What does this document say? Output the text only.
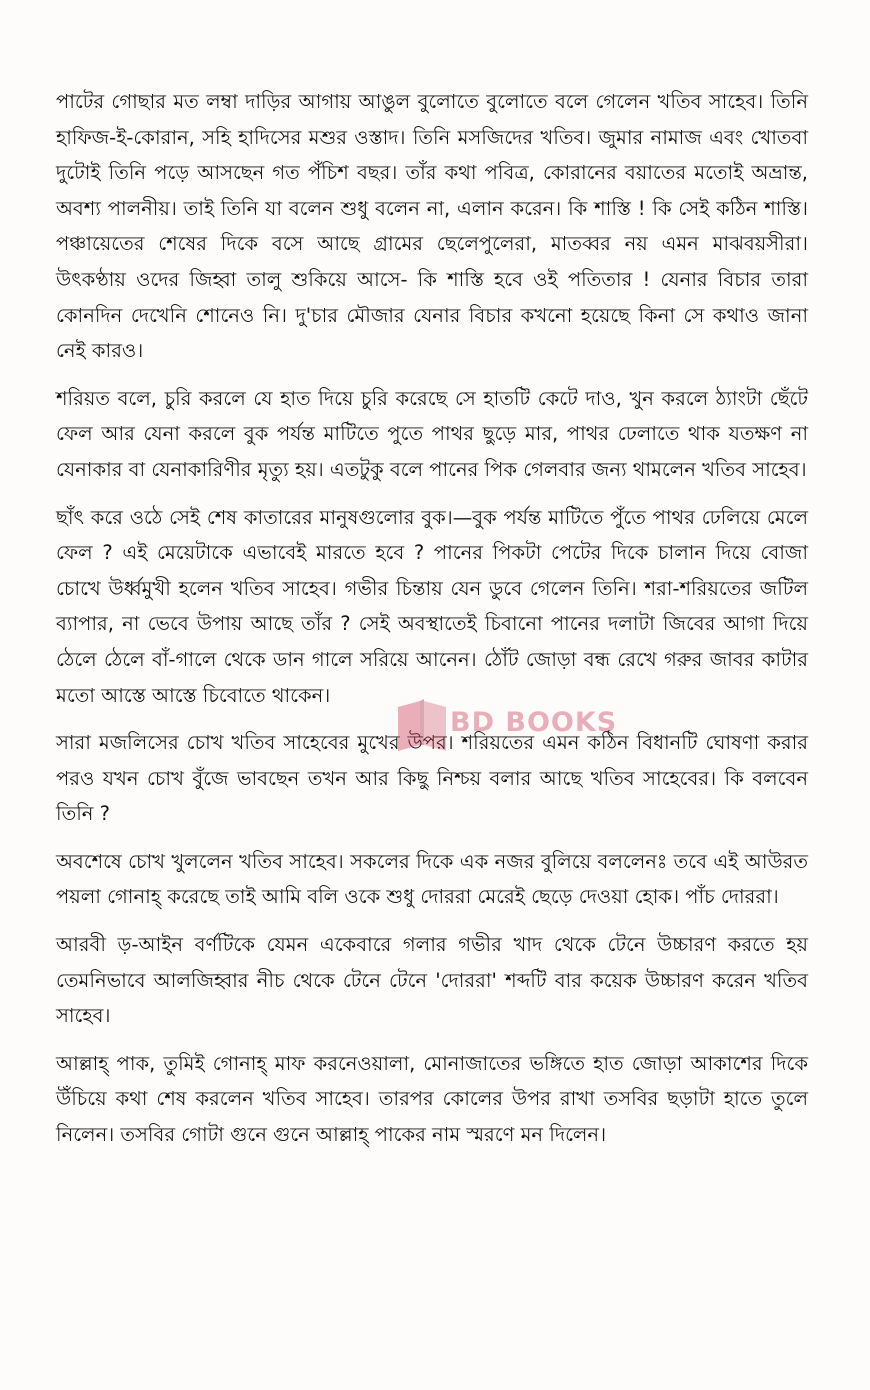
পাটের গোছার মত লম্বা দাড়ির আগায় আঙুল বুলোতে বুলোতে বলে গেলেন খতিব সাহেব। তিনি হাফিজ-ই-কোরান, সহি হাদিসের মশুর ওস্তাদ। তিনি মসজিদের খতিব। জুমার নামাজ এবং খোতবা দুটোই তিনি পড়ে আসছেন গত পঁচিশ বছর। তাঁর কথা পবিত্র, কোরানের বয়াতের মতোই অভ্রান্ত, অবশ্য পালনীয়। তাই তিনি যা বলেন শুধু বলেন না, এলান করেন। কি শাস্তি ! কি সেই কঠিন শাস্তি। পঞ্চায়েতের শেষের দিকে বসে আছে গ্রামের ছেলেপুলেরা, মাতব্বর নয় এমন মাঝবয়সীরা। উৎকণ্ঠায় ওদের জিহ্বা তালু শুকিয়ে আসে- কি শাস্তি হবে ওই পতিতার ! যেনার বিচার তারা কোনদিন দেখেনি শোনেও নি। দু'চার মৌজার যেনার বিচার কখনো হয়েছে কিনা সে কথাও জানা নেই কারও।

শরিয়ত বলে, চুরি করলে যে হাত দিয়ে চুরি করেছে সে হাতটি কেটে দাও, খুন করলে ঠ্যাংটা ছেঁটে ফেল আর যেনা করলে বুক পর্যন্ত মাটিতে পুতে পাথর ছুড়ে মার, পাথর ঢেলাতে থাক যতক্ষণ না যেনাকার বা যেনাকারিণীর মৃত্যু হয়। এতটুকু বলে পানের পিক গেলবার জন্য থামলেন খতিব সাহেব।

ছাঁৎ করে ওঠে সেই শেষ কাতারের মানুষগুলোর বুক।—বুক পর্যন্ত মাটিতে পুঁতে পাথর ঢেলিয়ে মেলে ফেল ? এই মেয়েটাকে এভাবেই মারতে হবে ? পানের পিকটা পেটের দিকে চালান দিয়ে বোজা চোখে উর্ধ্বমুখী হলেন খতিব সাহেব। গভীর চিন্তায় যেন ডুবে গেলেন তিনি। শরা-শরিয়তের জটিল ব্যাপার, না ভেবে উপায় আছে তাঁর ? সেই অবস্থাতেই চিবানো পানের দলাটা জিবের আগা দিয়ে ঠেলে ঠেলে বাঁ-গালে থেকে ডান গালে সরিয়ে আনেন। ঠোঁট জোড়া বন্ধ রেখে গরুর জাবর কাটার মতো আস্তে আস্তে চিবোতে থাকেন।

সারা মজলিসের চোখ খতিব সাহেবের মুখের উপর। শরিয়তের এমন কঠিন বিধানটি ঘোষণা করার পরও যখন চোখ বুঁজে ভাবছেন তখন আর কিছু নিশ্চয় বলার আছে খতিব সাহেবের। কি বলবেন তিনি ?

অবশেষে চোখ খুললেন খতিব সাহেব। সকলের দিকে এক নজর বুলিয়ে বললেনঃ তবে এই আউরত পয়লা গোনাহ্ করেছে তাই আমি বলি ওকে শুধু দোররা মেরেই ছেড়ে দেওয়া হোক। পাঁচ দোররা।

আরবী ড়-আইন বর্ণটিকে যেমন একেবারে গলার গভীর খাদ থেকে টেনে উচ্চারণ করতে হয় তেমনিভাবে আলজিহ্বার নীচ থেকে টেনে টেনে 'দোররা' শব্দটি বার কয়েক উচ্চারণ করেন খতিব সাহেব।

আল্লাহ্ পাক, তুমিই গোনাহ্ মাফ করনেওয়ালা, মোনাজাতের ভঙ্গিতে হাত জোড়া আকাশের দিকে উঁচিয়ে কথা শেষ করলেন খতিব সাহেব। তারপর কোলের উপর রাখা তসবির ছড়াটা হাতে তুলে নিলেন। তসবির গোটা গুনে গুনে আল্লাহ্ পাকের নাম স্মরণে মন দিলেন।

BD BOOKS
